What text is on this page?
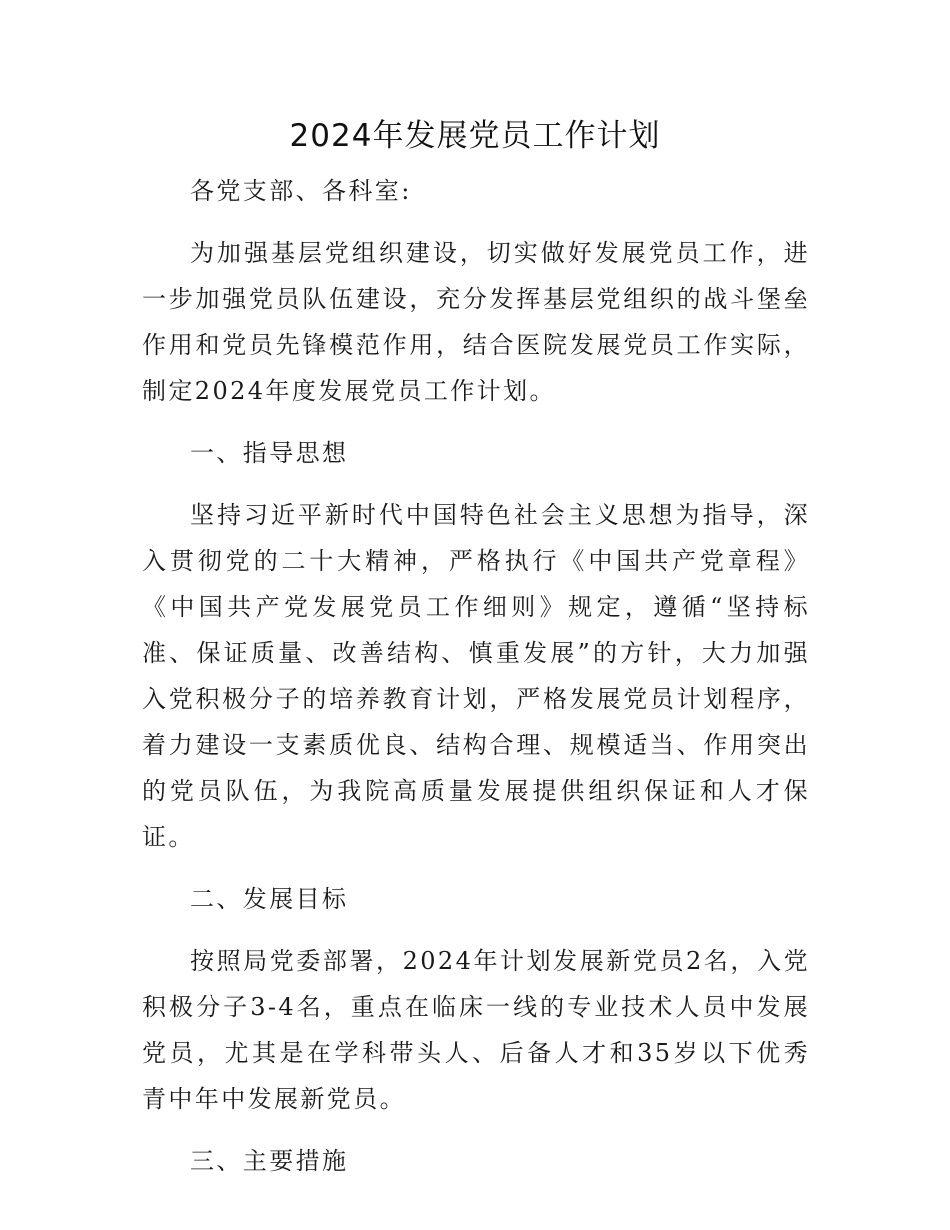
2024年发展党员工作计划

各党支部、各科室:

为加强基层党组织建设，切实做好发展党员工作，进一步加强党员队伍建设，充分发挥基层党组织的战斗堡垒作用和党员先锋模范作用，结合医院发展党员工作实际，制定2024年度发展党员工作计划。

一、指导思想

坚持习近平新时代中国特色社会主义思想为指导，深入贯彻党的二十大精神，严格执行《中国共产党章程》《中国共产党发展党员工作细则》规定，遵循“坚持标准、保证质量、改善结构、慎重发展”的方针，大力加强入党积极分子的培养教育计划，严格发展党员计划程序，着力建设一支素质优良、结构合理、规模适当、作用突出的党员队伍，为我院高质量发展提供组织保证和人才保证。

二、发展目标

按照局党委部署，2024年计划发展新党员2名，入党积极分子3-4名，重点在临床一线的专业技术人员中发展党员，尤其是在学科带头人、后备人才和35岁以下优秀青中年中发展新党员。

三、主要措施
